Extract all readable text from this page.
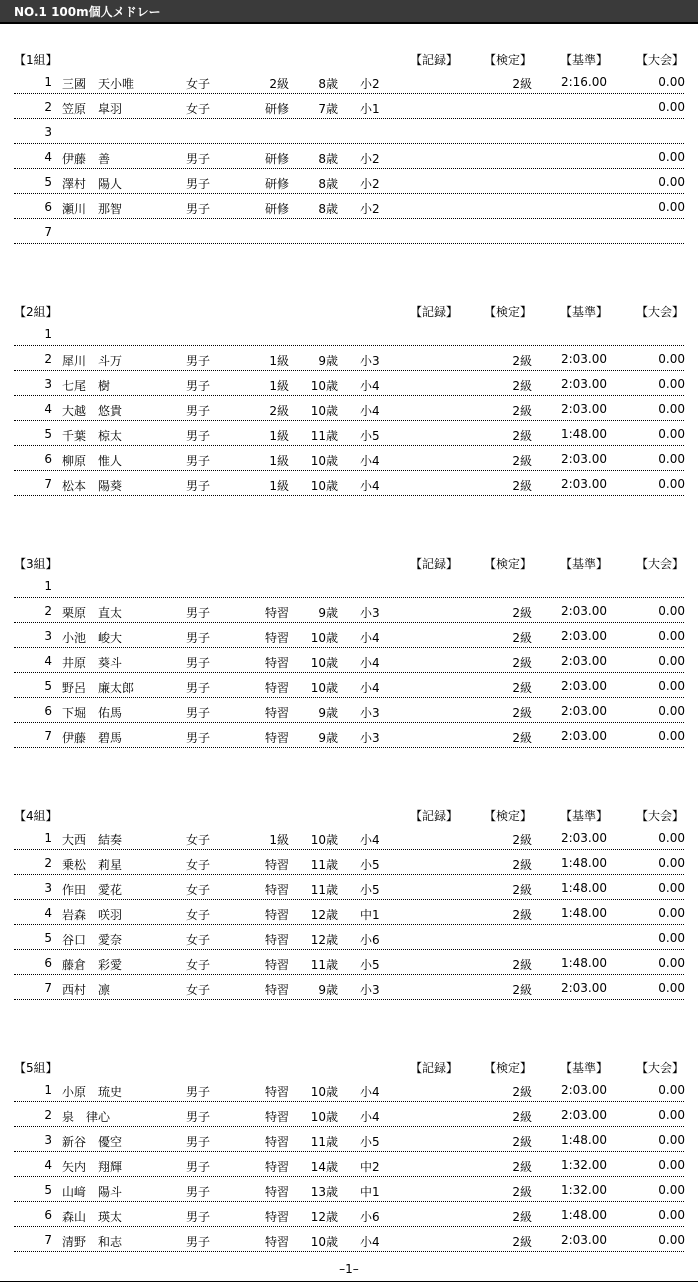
NO.1 100m個人メドレー
【1組】	【記録】 【検定】 【基準】 【大会】
1 三國　天小唯	女子	2級	8歳 小2	2級	2:16.00	0.00
2 笠原　皐羽	女子	研修	7歳 小1	0.00
3
4 伊藤　善	男子	研修	8歳 小2	0.00
5 澤村　陽人	男子	研修	8歳 小2	0.00
6 瀬川　那智	男子	研修	8歳 小2	0.00
7
【2組】	【記録】 【検定】 【基準】 【大会】
1
2 犀川　斗万	男子	1級	9歳 小3	2級	2:03.00	0.00
3 七尾　樹	男子	1級	10歳 小4	2級	2:03.00	0.00
4 大越　悠貴	男子	2級	10歳 小4	2級	2:03.00	0.00
5 千葉　椋太	男子	1級	11歳 小5	2級	1:48.00	0.00
6 柳原　惟人	男子	1級	10歳 小4	2級	2:03.00	0.00
7 松本　陽葵	男子	1級	10歳 小4	2級	2:03.00	0.00
【3組】	【記録】 【検定】 【基準】 【大会】
1
2 栗原　直太	男子	特習	9歳 小3	2級	2:03.00	0.00
3 小池　峻大	男子	特習	10歳 小4	2級	2:03.00	0.00
4 井原　葵斗	男子	特習	10歳 小4	2級	2:03.00	0.00
5 野呂　廉太郎	男子	特習	10歳 小4	2級	2:03.00	0.00
6 下堀　佑馬	男子	特習	9歳 小3	2級	2:03.00	0.00
7 伊藤　碧馬	男子	特習	9歳 小3	2級	2:03.00	0.00
【4組】	【記録】 【検定】 【基準】 【大会】
1 大西　結奏	女子	1級	10歳 小4	2級	2:03.00	0.00
2 乗松　莉星	女子	特習	11歳 小5	2級	1:48.00	0.00
3 作田　愛花	女子	特習	11歳 小5	2級	1:48.00	0.00
4 岩森　咲羽	女子	特習	12歳 中1	2級	1:48.00	0.00
5 谷口　愛奈	女子	特習	12歳 小6	0.00
6 藤倉　彩愛	女子	特習	11歳 小5	2級	1:48.00	0.00
7 西村　凛	女子	特習	9歳 小3	2級	2:03.00	0.00
【5組】	【記録】 【検定】 【基準】 【大会】
1 小原　琉史	男子	特習	10歳 小4	2級	2:03.00	0.00
2 泉　律心	男子	特習	10歳 小4	2級	2:03.00	0.00
3 新谷　優空	男子	特習	11歳 小5	2級	1:48.00	0.00
4 矢内　翔輝	男子	特習	14歳 中2	2級	1:32.00	0.00
5 山﨑　陽斗	男子	特習	13歳 中1	2級	1:32.00	0.00
6 森山　瑛太	男子	特習	12歳 小6	2級	1:48.00	0.00
7 清野　和志	男子	特習	10歳 小4	2級	2:03.00	0.00
–1–
